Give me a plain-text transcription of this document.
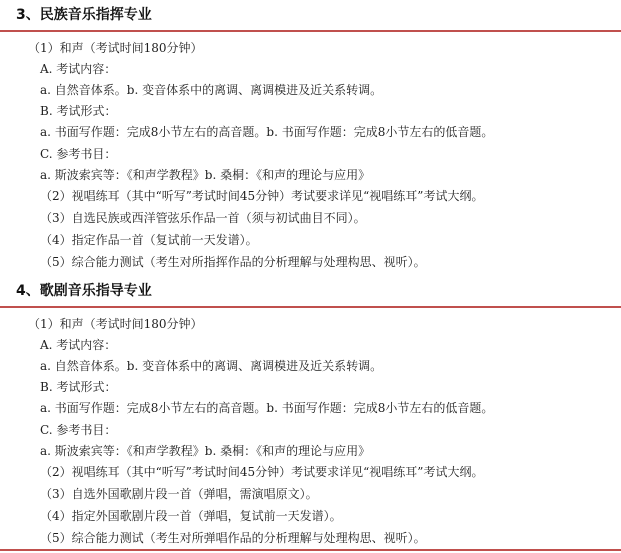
3、民族音乐指挥专业
（1）和声（考试时间180分钟）
A. 考试内容：
a. 自然音体系。b. 变音体系中的离调、离调模进及近关系转调。
B. 考试形式：
a. 书面写作题：完成8小节左右的高音题。b. 书面写作题：完成8小节左右的低音题。
C. 参考书目：
a. 斯波索宾等：《和声学教程》b. 桑桐：《和声的理论与应用》
（2）视唱练耳（其中“听写”考试时间45分钟）考试要求详见“视唱练耳”考试大纲。
（3）自选民族或西洋管弦乐作品一首（须与初试曲目不同）。
（4）指定作品一首（复试前一天发谱）。
（5）综合能力测试（考生对所指挥作品的分析理解与处理构思、视听）。
4、歌剧音乐指导专业
（1）和声（考试时间180分钟）
A. 考试内容：
a. 自然音体系。b. 变音体系中的离调、离调模进及近关系转调。
B. 考试形式：
a. 书面写作题：完成8小节左右的高音题。b. 书面写作题：完成8小节左右的低音题。
C. 参考书目：
a. 斯波索宾等：《和声学教程》b. 桑桐：《和声的理论与应用》
（2）视唱练耳（其中“听写”考试时间45分钟）考试要求详见“视唱练耳”考试大纲。
（3）自选外国歌剧片段一首（弹唱，需演唱原文）。
（4）指定外国歌剧片段一首（弹唱，复试前一天发谱）。
（5）综合能力测试（考生对所弹唱作品的分析理解与处理构思、视听）。
